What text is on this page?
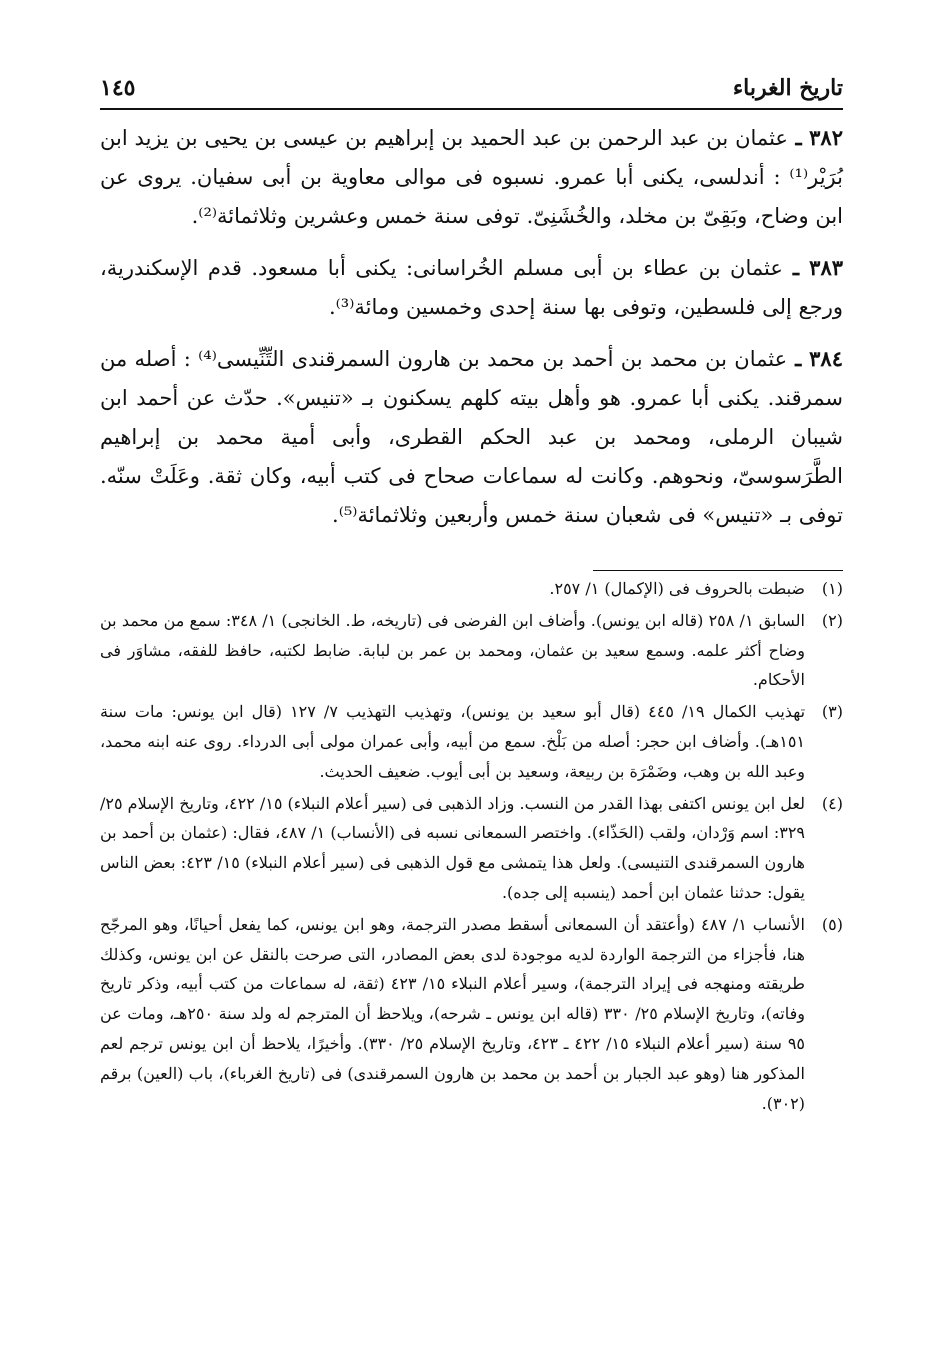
تاريخ الغرباء
١٤٥

٣٨٢ ـ عثمان بن عبد الرحمن بن عبد الحميد بن إبراهيم بن عيسى بن يحيى بن يزيد ابن بُرَيْر⁽¹⁾ : أندلسى، يكنى أبا عمرو. نسبوه فى موالى معاوية بن أبى سفيان. يروى عن ابن وضاح، وبَقِىّ بن مخلد، والخُشَنِىّ. توفى سنة خمس وعشرين وثلاثمائة⁽²⁾.

٣٨٣ ـ عثمان بن عطاء بن أبى مسلم الخُراسانى: يكنى أبا مسعود. قدم الإسكندرية، ورجع إلى فلسطين، وتوفى بها سنة إحدى وخمسين ومائة⁽³⁾.

٣٨٤ ـ عثمان بن محمد بن أحمد بن محمد بن هارون السمرقندى التِّنِّيسى⁽⁴⁾ : أصله من سمرقند. يكنى أبا عمرو. هو وأهل بيته كلهم يسكنون بـ «تنيس». حدّث عن أحمد ابن شيبان الرملى، ومحمد بن عبد الحكم القطرى، وأبى أمية محمد بن إبراهيم الطَّرَسوسىّ، ونحوهم. وكانت له سماعات صحاح فى كتب أبيه، وكان ثقة. وعَلَتْ سنّه. توفى بـ «تنيس» فى شعبان سنة خمس وأربعين وثلاثمائة⁽⁵⁾.

(١)
ضبطت بالحروف فى (الإكمال) ١/ ٢٥٧.
(٢)
السابق ١/ ٢٥٨ (قاله ابن يونس). وأضاف ابن الفرضى فى (تاريخه، ط. الخانجى) ١/ ٣٤٨: سمع من محمد بن وضاح أكثر علمه. وسمع سعيد بن عثمان، ومحمد بن عمر بن لبابة. ضابط لكتبه، حافظ للفقه، مشاوَر فى الأحكام.
(٣)
تهذيب الكمال ١٩/ ٤٤٥ (قال أبو سعيد بن يونس)، وتهذيب التهذيب ٧/ ١٢٧ (قال ابن يونس: مات سنة ١٥١هـ). وأضاف ابن حجر: أصله من بَلْخ. سمع من أبيه، وأبى عمران مولى أبى الدرداء. روى عنه ابنه محمد، وعبد الله بن وهب، وضَمْرَة بن ربيعة، وسعيد بن أبى أيوب. ضعيف الحديث.
(٤)
لعل ابن يونس اكتفى بهذا القدر من النسب. وزاد الذهبى فى (سير أعلام النبلاء) ١٥/ ٤٢٢، وتاريخ الإسلام ٢٥/ ٣٢٩: اسم وَرْدان، ولقب (الحَذّاء). واختصر السمعانى نسبه فى (الأنساب) ١/ ٤٨٧، فقال: (عثمان بن أحمد بن هارون السمرقندى التنيسى). ولعل هذا يتمشى مع قول الذهبى فى (سير أعلام النبلاء) ١٥/ ٤٢٣: بعض الناس يقول: حدثنا عثمان ابن أحمد (ينسبه إلى جده).
(٥)
الأنساب ١/ ٤٨٧ (وأعتقد أن السمعانى أسقط مصدر الترجمة، وهو ابن يونس، كما يفعل أحيانًا، وهو المرجّح هنا، فأجزاء من الترجمة الواردة لديه موجودة لدى بعض المصادر، التى صرحت بالنقل عن ابن يونس، وكذلك طريقته ومنهجه فى إيراد الترجمة)، وسير أعلام النبلاء ١٥/ ٤٢٣ (ثقة، له سماعات من كتب أبيه، وذكر تاريخ وفاته)، وتاريخ الإسلام ٢٥/ ٣٣٠ (قاله ابن يونس ـ شرحه)، ويلاحظ أن المترجم له ولد سنة ٢٥٠هـ، ومات عن ٩٥ سنة (سير أعلام النبلاء ١٥/ ٤٢٢ ـ ٤٢٣، وتاريخ الإسلام ٢٥/ ٣٣٠). وأخيرًا، يلاحظ أن ابن يونس ترجم لعم المذكور هنا (وهو عبد الجبار بن أحمد بن محمد بن هارون السمرقندى) فى (تاريخ الغرباء)، باب (العين) برقم (٣٠٢).
